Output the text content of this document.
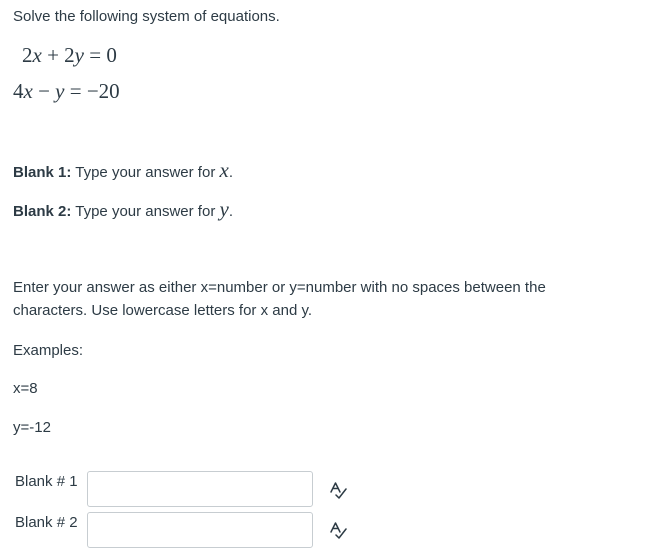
Solve the following system of equations.
2x + 2y = 0
4x − y = −20
Blank 1: Type your answer for x.
Blank 2: Type your answer for y.
Enter your answer as either x=number or y=number with no spaces between the
characters. Use lowercase letters for x and y.
Examples:
x=8
y=-12
Blank # 1
Blank # 2
